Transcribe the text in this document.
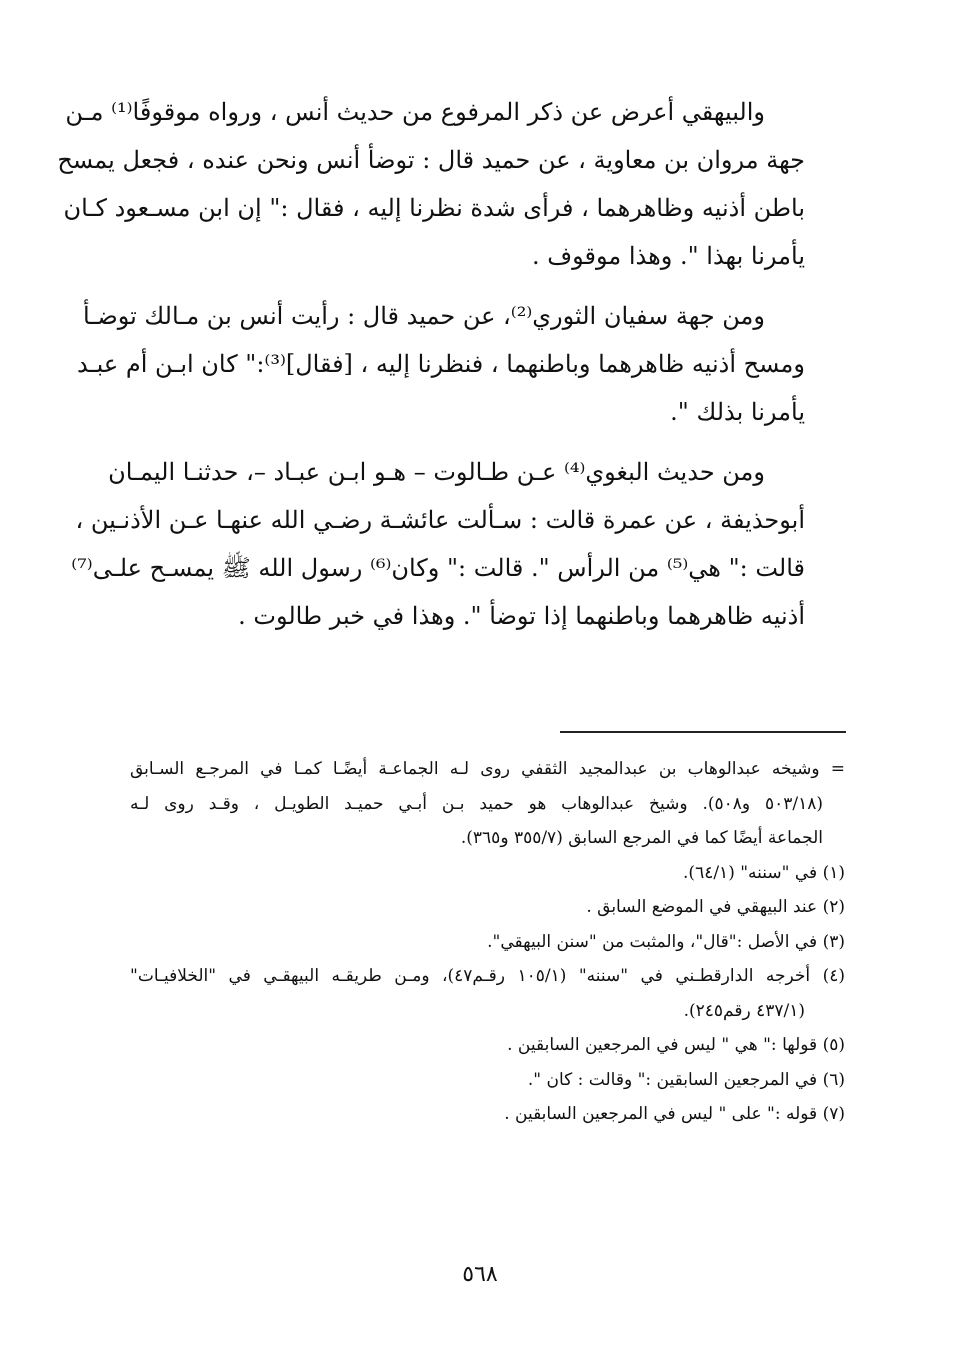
والبيهقي أعرض عن ذكر المرفوع من حديث أنس ، ورواه موقوفًا⁽¹⁾ مـن
جهة مروان بن معاوية ، عن حميد قال : توضأ أنس ونحن عنده ، فجعل يمسح
باطن أذنيه وظاهرهما ، فرأى شدة نظرنا إليه ، فقال :" إن ابن مسـعود كـان
يأمرنا بهذا ". وهذا موقوف .

ومن جهة سفيان الثوري⁽²⁾، عن حميد قال : رأيت أنس بن مـالك توضـأ
ومسح أذنيه ظاهرهما وباطنهما ، فنظرنا إليه ، [فقال]⁽³⁾:" كان ابـن أم عبـد
يأمرنا بذلك ".

ومن حديث البغوي⁽⁴⁾ عـن طـالوت – هـو ابـن عبـاد –، حدثنـا اليمـان
أبوحذيفة ، عن عمرة قالت : سـألت عائشـة رضـي الله عنهـا عـن الأذنـين ،
قالت :" هي⁽⁵⁾ من الرأس ". قالت :" وكان⁽⁶⁾ رسول الله ﷺ يمسـح علـى⁽⁷⁾
أذنيه ظاهرهما وباطنهما إذا توضأ ". وهذا في خبر طالوت .

= وشيخه عبدالوهاب بن عبدالمجيد الثقفي روى لـه الجماعـة أيضًـا كمـا في المرجـع السـابق
(٥٠٣/١٨ و٥٠٨). وشيخ عبدالوهاب هو حميد بـن أبـي حميـد الطويـل ، وقـد روى لـه
الجماعة أيضًا كما في المرجع السابق (٣٥٥/٧ و٣٦٥).
(١) في "سننه" (٦٤/١).
(٢) عند البيهقي في الموضع السابق .
(٣) في الأصل :"قال"، والمثبت من "سنن البيهقي".
(٤) أخرجه الدارقطـني في "سننه" (١٠٥/١ رقـم٤٧)، ومـن طريقـه البيهقـي في "الخلافيـات"
(٤٣٧/١ رقم٢٤٥).
(٥) قولها :" هي " ليس في المرجعين السابقين .
(٦) في المرجعين السابقين :" وقالت : كان ".
(٧) قوله :" على " ليس في المرجعين السابقين .
٥٦٨
